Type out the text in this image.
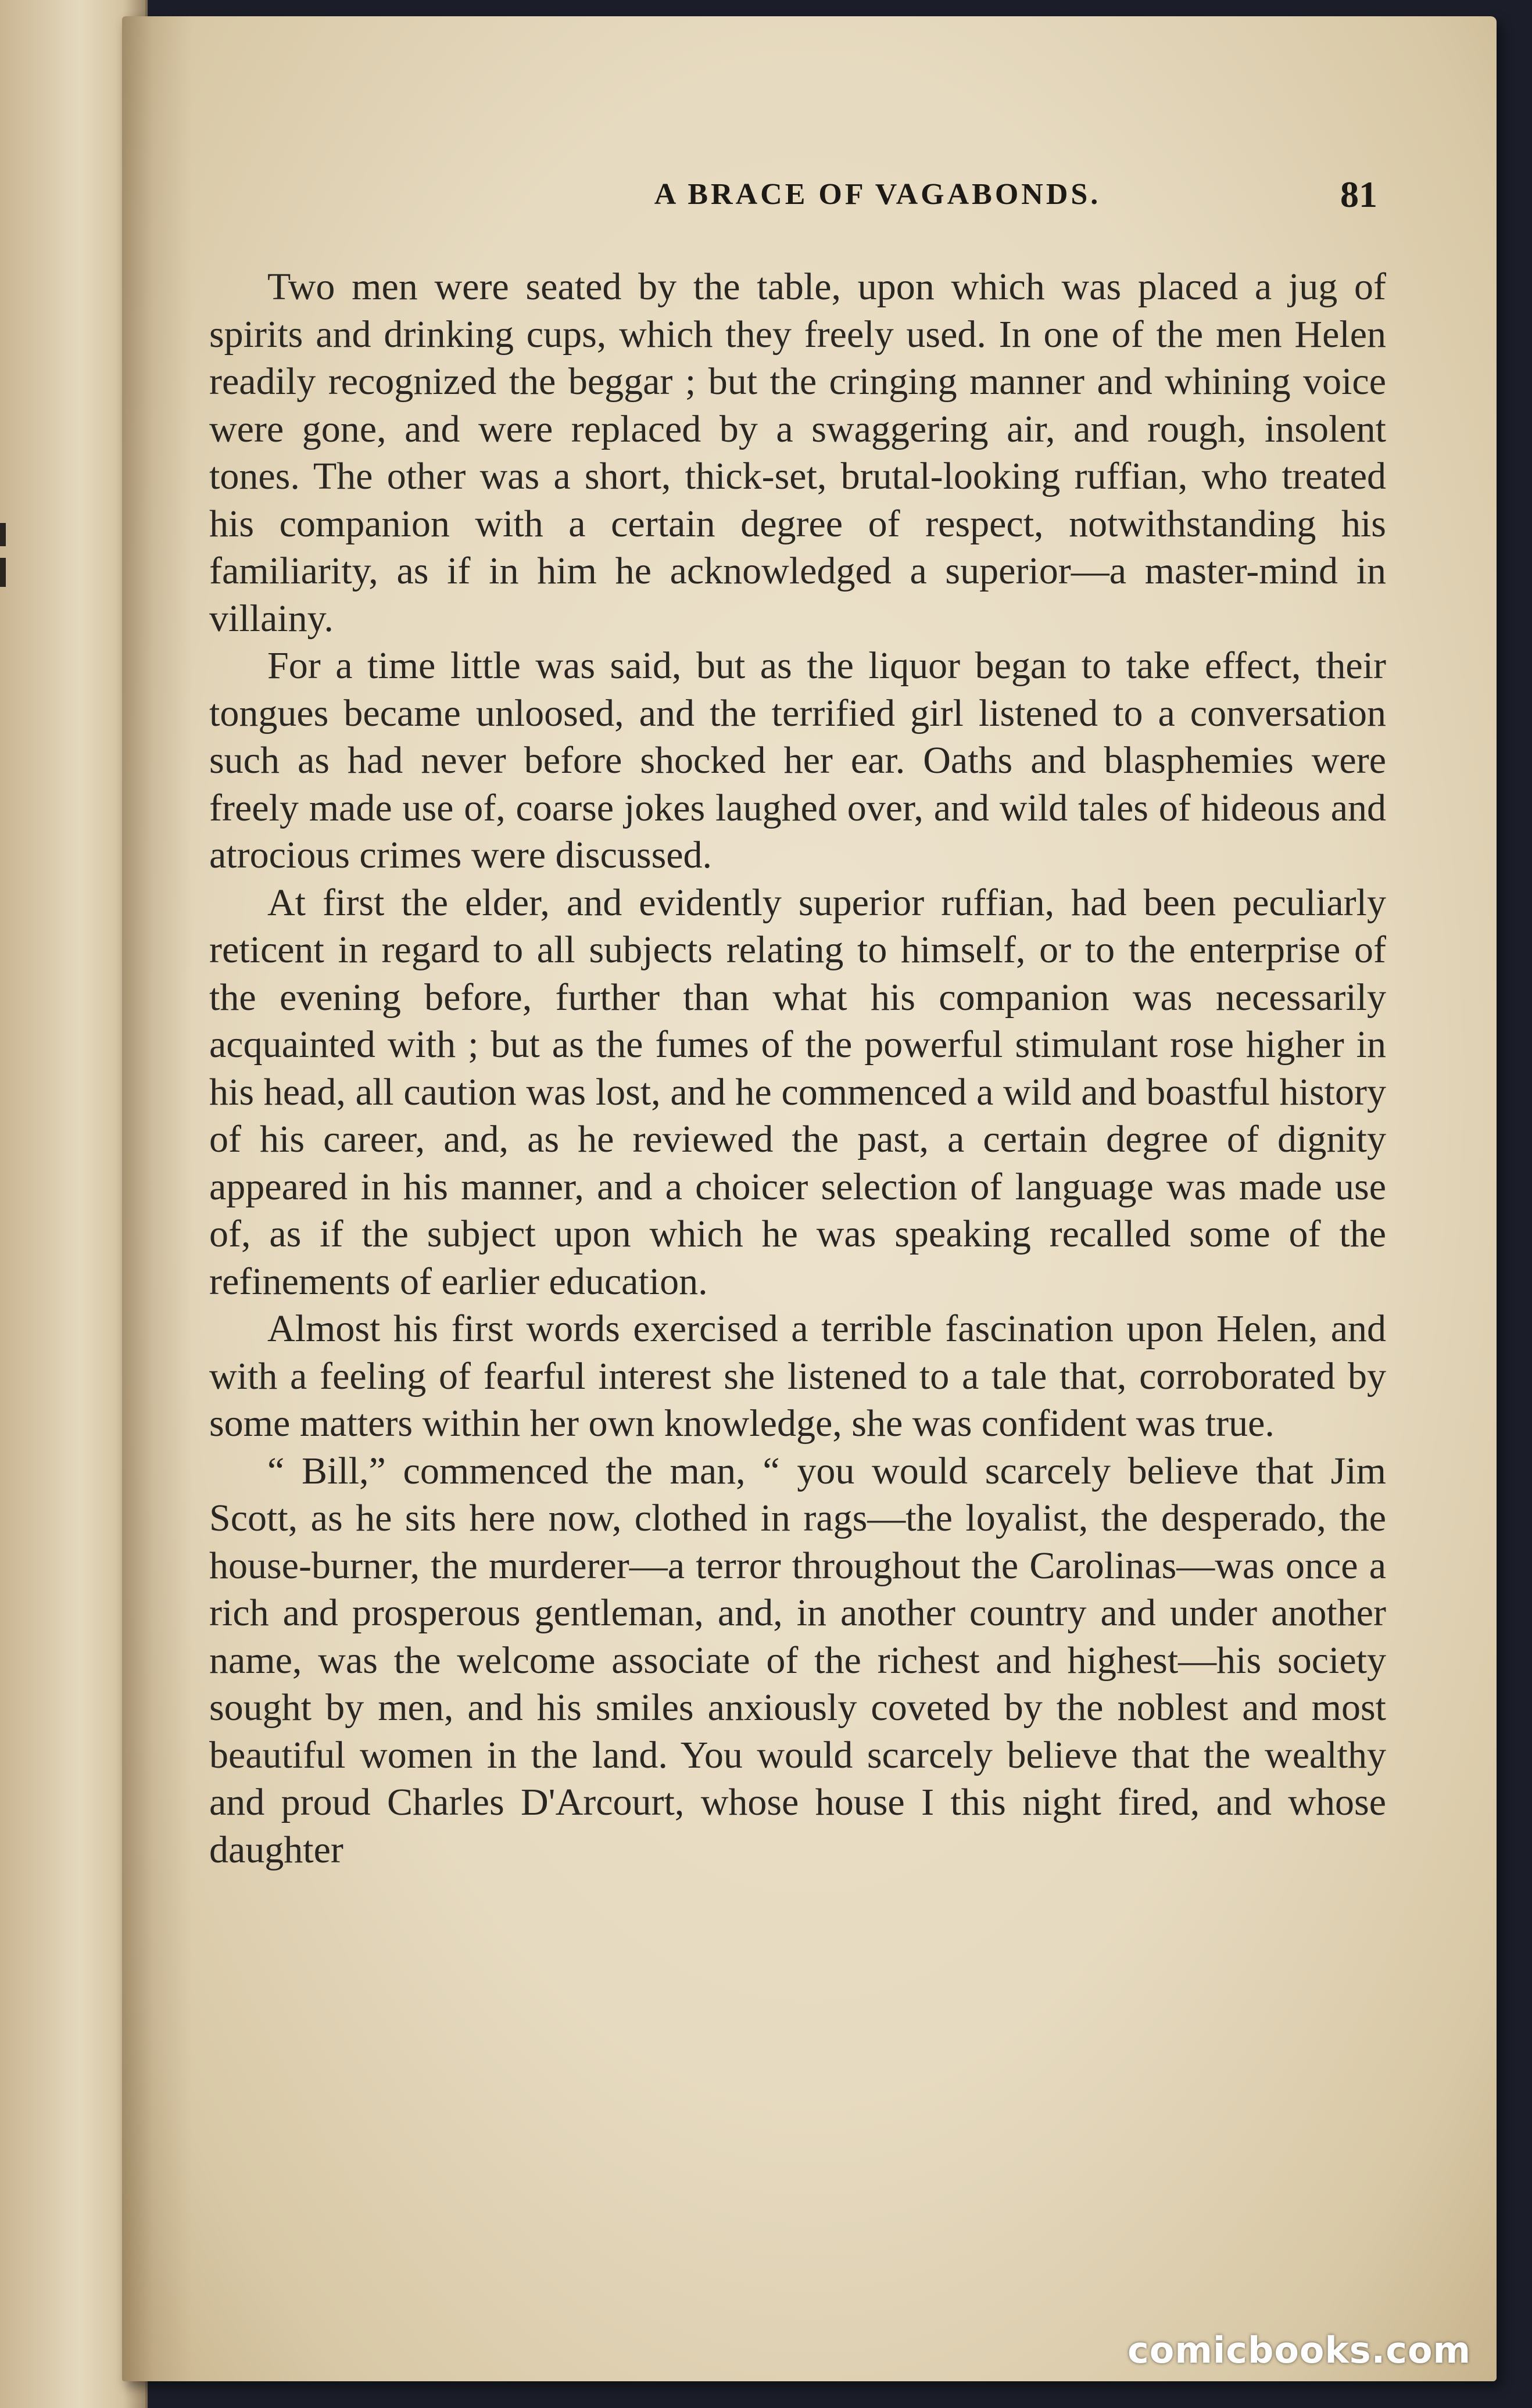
A BRACE OF VAGABONDS.	81

Two men were seated by the table, upon which was placed a jug of spirits and drinking cups, which they freely used. In one of the men Helen readily recognized the beggar ; but the cringing manner and whining voice were gone, and were replaced by a swaggering air, and rough, insolent tones. The other was a short, thick-set, brutal-looking ruffian, who treated his companion with a certain degree of respect, notwithstanding his familiarity, as if in him he acknowledged a superior—a master-mind in villainy.

For a time little was said, but as the liquor began to take effect, their tongues became unloosed, and the terrified girl listened to a conversation such as had never before shocked her ear. Oaths and blasphemies were freely made use of, coarse jokes laughed over, and wild tales of hideous and atrocious crimes were discussed.

At first the elder, and evidently superior ruffian, had been peculiarly reticent in regard to all subjects relating to himself, or to the enterprise of the evening before, further than what his companion was necessarily acquainted with ; but as the fumes of the powerful stimulant rose higher in his head, all caution was lost, and he commenced a wild and boastful history of his career, and, as he reviewed the past, a certain degree of dignity appeared in his manner, and a choicer selection of language was made use of, as if the subject upon which he was speaking recalled some of the refinements of earlier education.

Almost his first words exercised a terrible fascination upon Helen, and with a feeling of fearful interest she listened to a tale that, corroborated by some matters within her own knowledge, she was confident was true.

“ Bill,” commenced the man, “ you would scarcely believe that Jim Scott, as he sits here now, clothed in rags—the loyalist, the desperado, the house-burner, the murderer—a terror throughout the Carolinas—was once a rich and prosperous gentleman, and, in another country and under another name, was the welcome associate of the richest and highest—his society sought by men, and his smiles anxiously coveted by the noblest and most beautiful women in the land. You would scarcely believe that the wealthy and proud Charles D'Arcourt, whose house I this night fired, and whose daughter

comicbooks.com
